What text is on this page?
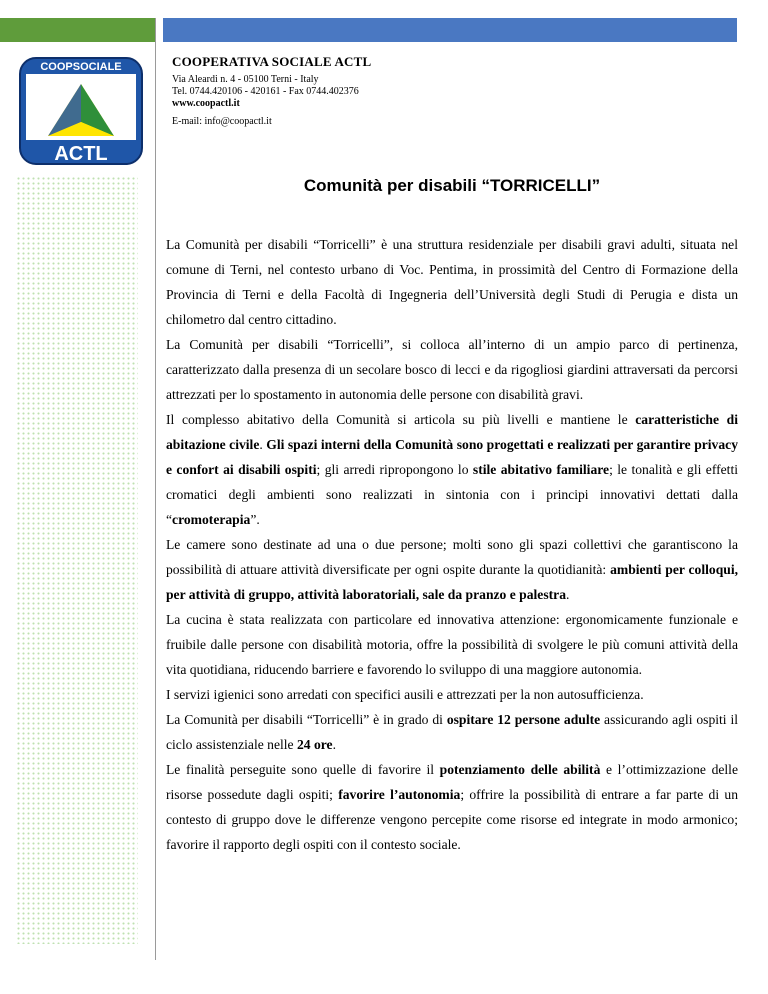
COOPSOCIALE
ACTL
COOPERATIVA SOCIALE ACTL
Via Aleardi n. 4 - 05100 Terni - Italy
Tel. 0744.420106 - 420161 - Fax 0744.402376
www.coopactl.it
E-mail: info@coopactl.it
Comunità per disabili “TORRICELLI”

La Comunità per disabili “Torricelli” è una struttura residenziale per disabili gravi adulti, situata nel comune di Terni, nel contesto urbano di Voc. Pentima, in prossimità del Centro di Formazione della Provincia di Terni e della Facoltà di Ingegneria dell’Università degli Studi di Perugia e dista un chilometro dal centro cittadino.

La Comunità per disabili “Torricelli”, si colloca all’interno di un ampio parco di pertinenza, caratterizzato dalla presenza di un secolare bosco di lecci e da rigogliosi giardini attraversati da percorsi attrezzati per lo spostamento in autonomia delle persone con disabilità gravi.

Il complesso abitativo della Comunità si articola su più livelli e mantiene le caratteristiche di abitazione civile. Gli spazi interni della Comunità sono progettati e realizzati per garantire privacy e confort ai disabili ospiti; gli arredi ripropongono lo stile abitativo familiare; le tonalità e gli effetti cromatici degli ambienti sono realizzati in sintonia con i principi innovativi dettati dalla “cromoterapia”.

Le camere sono destinate ad una o due persone; molti sono gli spazi collettivi che garantiscono la possibilità di attuare attività diversificate per ogni ospite durante la quotidianità: ambienti per colloqui, per attività di gruppo, attività laboratoriali, sale da pranzo e palestra.

La cucina è stata realizzata con particolare ed innovativa attenzione: ergonomicamente funzionale e fruibile dalle persone con disabilità motoria, offre la possibilità di svolgere le più comuni attività della vita quotidiana, riducendo barriere e favorendo lo sviluppo di una maggiore autonomia.

I servizi igienici sono arredati con specifici ausili e attrezzati per la non autosufficienza.

La Comunità per disabili “Torricelli” è in grado di ospitare 12 persone adulte assicurando agli ospiti il ciclo assistenziale nelle 24 ore.

Le finalità perseguite sono quelle di favorire il potenziamento delle abilità e l’ottimizzazione delle risorse possedute dagli ospiti; favorire l’autonomia; offrire la possibilità di entrare a far parte di un contesto di gruppo dove le differenze vengono percepite come risorse ed integrate in modo armonico; favorire il rapporto degli ospiti con il contesto sociale.
